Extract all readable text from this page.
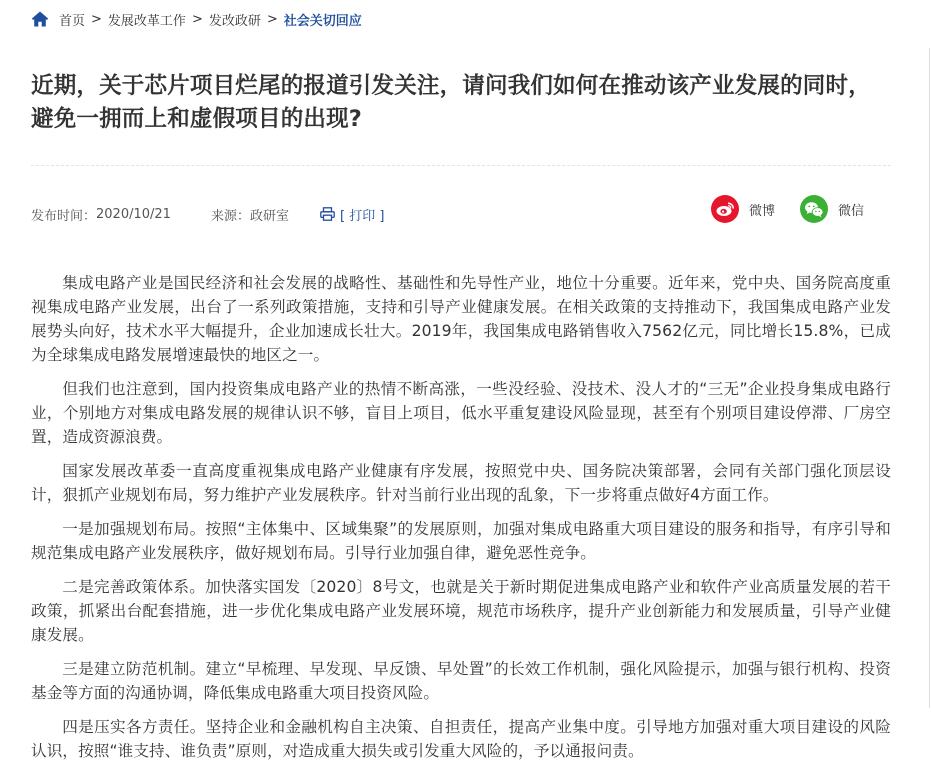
首页 > 发展改革工作 > 发改政研 > 社会关切回应
近期，关于芯片项目烂尾的报道引发关注，请问我们如何在推动该产业发展的同时，避免一拥而上和虚假项目的出现?
发布时间： 2020/10/21	来源： 政研室	[ 打印 ]	微博	微信

集成电路产业是国民经济和社会发展的战略性、基础性和先导性产业，地位十分重要。近年来，党中央、国务院高度重视集成电路产业发展，出台了一系列政策措施，支持和引导产业健康发展。在相关政策的支持推动下，我国集成电路产业发展势头向好，技术水平大幅提升，企业加速成长壮大。2019年，我国集成电路销售收入7562亿元，同比增长15.8%，已成为全球集成电路发展增速最快的地区之一。

但我们也注意到，国内投资集成电路产业的热情不断高涨，一些没经验、没技术、没人才的“三无”企业投身集成电路行业，个别地方对集成电路发展的规律认识不够，盲目上项目，低水平重复建设风险显现，甚至有个别项目建设停滞、厂房空置，造成资源浪费。

国家发展改革委一直高度重视集成电路产业健康有序发展，按照党中央、国务院决策部署，会同有关部门强化顶层设计，狠抓产业规划布局，努力维护产业发展秩序。针对当前行业出现的乱象，下一步将重点做好4方面工作。

一是加强规划布局。按照“主体集中、区域集聚”的发展原则，加强对集成电路重大项目建设的服务和指导，有序引导和规范集成电路产业发展秩序，做好规划布局。引导行业加强自律，避免恶性竞争。

二是完善政策体系。加快落实国发〔2020〕8号文，也就是关于新时期促进集成电路产业和软件产业高质量发展的若干政策，抓紧出台配套措施，进一步优化集成电路产业发展环境，规范市场秩序，提升产业创新能力和发展质量，引导产业健康发展。

三是建立防范机制。建立“早梳理、早发现、早反馈、早处置”的长效工作机制，强化风险提示，加强与银行机构、投资基金等方面的沟通协调，降低集成电路重大项目投资风险。

四是压实各方责任。坚持企业和金融机构自主决策、自担责任，提高产业集中度。引导地方加强对重大项目建设的风险认识，按照“谁支持、谁负责”原则，对造成重大损失或引发重大风险的，予以通报问责。
